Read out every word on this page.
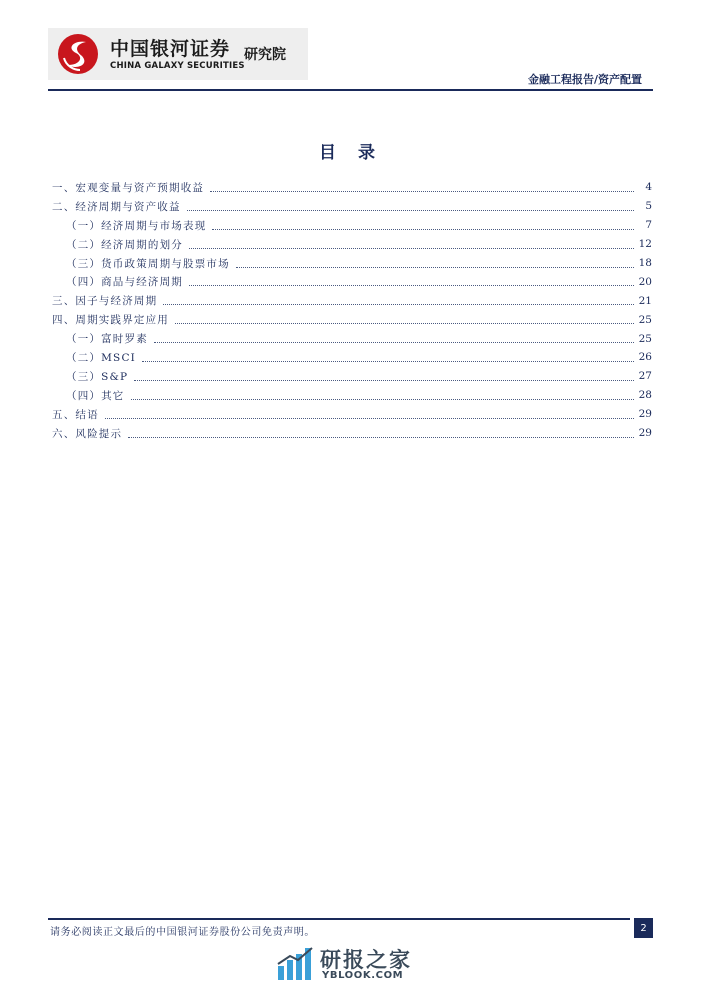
中国银河证券
CHINA GALAXY SECURITIES
研究院
金融工程报告/资产配置
目 录
一、宏观变量与资产预期收益	4
二、经济周期与资产收益	5
（一）经济周期与市场表现	7
（二）经济周期的划分	12
（三）货币政策周期与股票市场	18
（四）商品与经济周期	20
三、因子与经济周期	21
四、周期实践界定应用	25
（一）富时罗素	25
（二）MSCI	26
（三）S&P	27
（四）其它	28
五、结语	29
六、风险提示	29
请务必阅读正文最后的中国银河证券股份公司免责声明。	2
研报之家
YBLOOK.COM
